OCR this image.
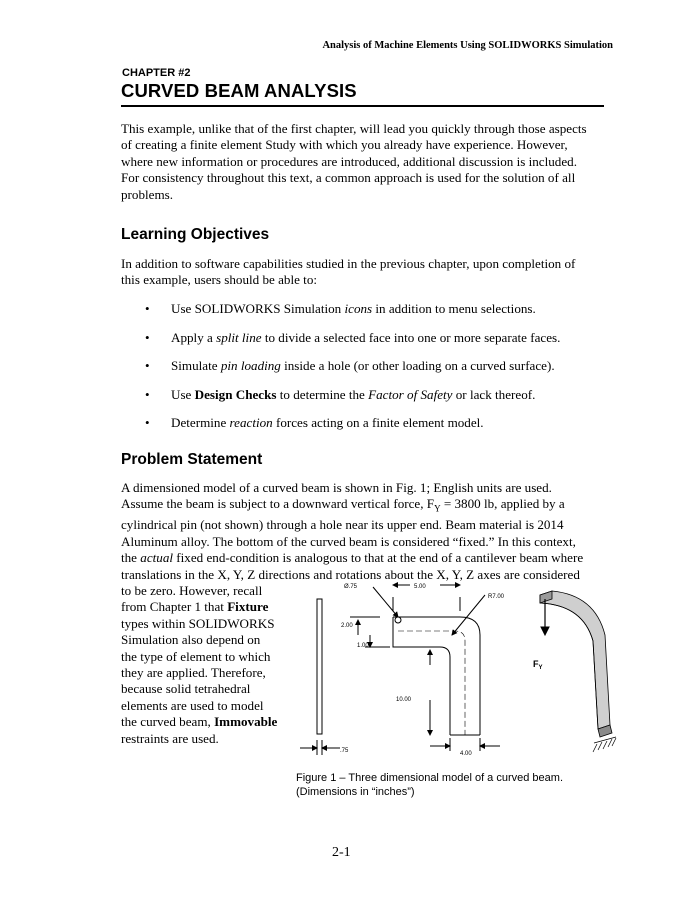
Analysis of Machine Elements Using SOLIDWORKS Simulation
CHAPTER #2
CURVED BEAM ANALYSIS
This example, unlike that of the first chapter, will lead you quickly through those aspects
of creating a finite element Study with which you already have experience. However,
where new information or procedures are introduced, additional discussion is included.
For consistency throughout this text, a common approach is used for the solution of all
problems.
Learning Objectives
In addition to software capabilities studied in the previous chapter, upon completion of
this example, users should be able to:
• Use SOLIDWORKS Simulation icons in addition to menu selections.
• Apply a split line to divide a selected face into one or more separate faces.
• Simulate pin loading inside a hole (or other loading on a curved surface).
• Use Design Checks to determine the Factor of Safety or lack thereof.
• Determine reaction forces acting on a finite element model.
Problem Statement
A dimensioned model of a curved beam is shown in Fig. 1; English units are used.
Assume the beam is subject to a downward vertical force, $F_Y = 3800$ lb, applied by a
cylindrical pin (not shown) through a hole near its upper end. Beam material is 2014
Aluminum alloy. The bottom of the curved beam is considered “fixed.” In this context,
the actual fixed end-condition is analogous to that at the end of a cantilever beam where
translations in the X, Y, Z directions and rotations about the X, Y, Z axes are considered
to be zero. However, recall
from Chapter 1 that Fixture
types within SOLIDWORKS
Simulation also depend on
the type of element to which
they are applied. Therefore,
because solid tetrahedral
elements are used to model
the curved beam, Immovable
restraints are used.
.75
Ø.75	5.00
R7.00
2.00
1.00
10.00
4.00
$F_Y$
Figure 1 – Three dimensional model of a curved beam.
(Dimensions in “inches”)
2-1
